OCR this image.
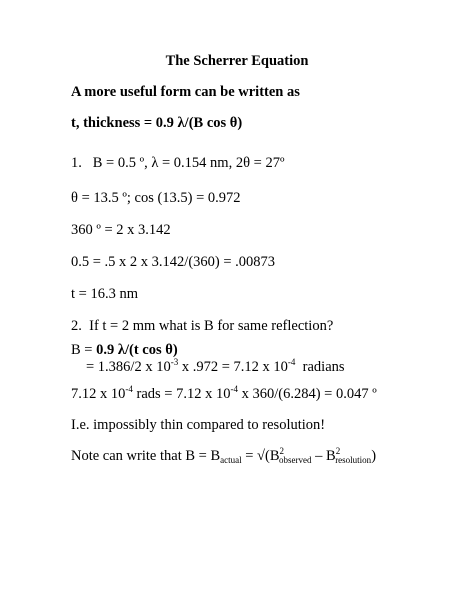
The Scherrer Equation
A more useful form can be written as
t, thickness = 0.9 λ/(B cos θ)
1. B = 0.5 º, λ = 0.154 nm, 2θ = 27º
θ = 13.5 º; cos (13.5) = 0.972
360 º = 2 x 3.142
0.5 = .5 x 2 x 3.142/(360) = .00873
t = 16.3 nm
2. If t = 2 mm what is B for same reflection?
B = 0.9 λ/(t cos θ)
= 1.386/2 x $10^{-3}$ x .972 = 7.12 x $10^{-4}$  radians
7.12 x $10^{-4}$ rads = 7.12 x $10^{-4}$ x 360/(6.284) = 0.047 º
I.e. impossibly thin compared to resolution!
Note can write that $B = B_{actual} = √(B^2_{observed} - B^2_{resolution})$
